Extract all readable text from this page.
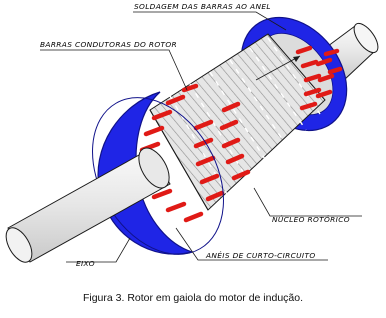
SOLDAGEM DAS BARRAS AO ANEL
BARRAS CONDUTORAS DO ROTOR
NÚCLEO ROTÓRICO
ANÉIS DE CURTO-CIRCUITO
EIXO
Figura 3. Rotor em gaiola do motor de indução.
